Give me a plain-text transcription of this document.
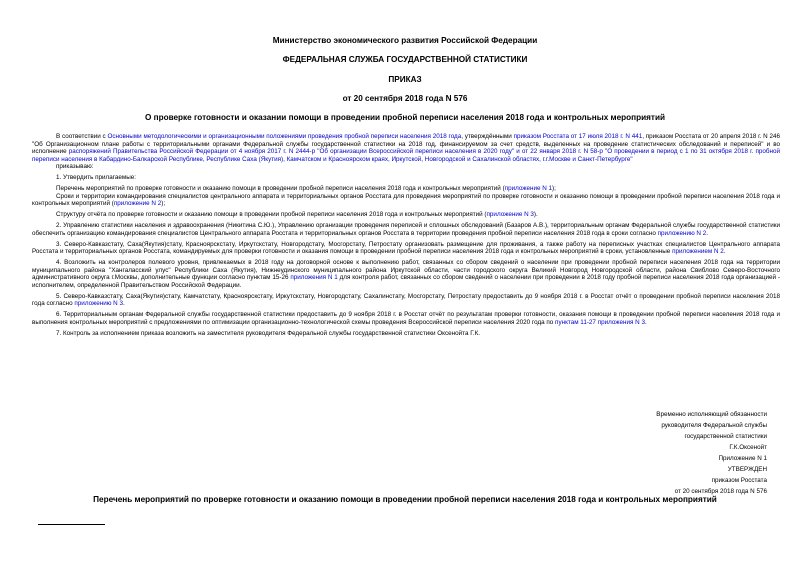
Министерство экономического развития Российской Федерации
ФЕДЕРАЛЬНАЯ СЛУЖБА ГОСУДАРСТВЕННОЙ СТАТИСТИКИ
ПРИКАЗ
от 20 сентября 2018 года N 576
О проверке готовности и оказании помощи в проведении пробной переписи населения 2018 года и контрольных мероприятий

В соответствии с Основными методологическими и организационными положениями проведения пробной переписи населения 2018 года, утверждёнными приказом Росстата от 17 июля 2018 г. N 441, приказом Росстата от 20 апреля 2018 г. N 246 "Об Организационном плане работы с территориальными органами Федеральной службы государственной статистики на 2018 год, финансируемом за счет средств, выделенных на проведение статистических обследований и переписей" и во исполнение распоряжений Правительства Российской Федерации от 4 ноября 2017 г. N 2444-р "Об организации Всероссийской переписи населения в 2020 году" и от 22 января 2018 г. N 58-р "О проведении в период с 1 по 31 октября 2018 г. пробной переписи населения в Кабардино-Балкарской Республике, Республике Саха (Якутия), Камчатском и Красноярском краях, Иркутской, Новгородской и Сахалинской областях, г.г.Москве и Санкт-Петербурге"

приказываю:

1. Утвердить прилагаемые:

Перечень мероприятий по проверке готовности и оказанию помощи в проведении пробной переписи населения 2018 года и контрольных мероприятий (приложение N 1);

Сроки и территории командирования специалистов центрального аппарата и территориальных органов Росстата для проведения мероприятий по проверке готовности и оказанию помощи в проведении пробной переписи населения 2018 года и контрольных мероприятий (приложение N 2);

Структуру отчёта по проверке готовности и оказанию помощи в проведении пробной переписи населения 2018 года и контрольных мероприятий (приложение N 3).

2. Управлению статистики населения и здравоохранения (Никитина С.Ю.), Управлению организации проведения переписей и сплошных обследований (Базаров А.В.), территориальным органам Федеральной службы государственной статистики обеспечить организацию командирования специалистов Центрального аппарата Росстата и территориальных органов Росстата в территории проведения пробной переписи населения 2018 года в сроки согласно приложению N 2.

3. Северо-Кавказстату, Саха(Якутия)стату, Красноярскстату, Иркутскстату, Новгородстату, Мосгорстату, Петростату организовать размещение для проживания, а также работу на переписных участках специалистов Центрального аппарата Росстата и территориальных органов Росстата, командируемых для проверки готовности и оказания помощи в проведении пробной переписи населения 2018 года и контрольных мероприятий в сроки, установленные приложением N 2.

4. Возложить на контролеров полевого уровня, привлекаемых в 2018 году на договорной основе к выполнению работ, связанных со сбором сведений о населении при проведении пробной переписи населения 2018 года на территории муниципального района "Хангаласский улус" Республики Саха (Якутия), Нижнеудинского муниципального района Иркутской области, части городского округа Великий Новгород Новгородской области, района Свиблово Северо-Восточного административного округа г.Москвы, дополнительные функции согласно пунктам 15-26 приложения N 1 для контроля работ, связанных со сбором сведений о населении при проведении в 2018 году пробной переписи населения 2018 года организацией - исполнителем, определенной Правительством Российской Федерации.

5. Северо-Кавказстату, Саха(Якутия)стату, Камчатстату, Красноярскстату, Иркутскстату, Новгородстату, Сахалинстату, Мосгорстату, Петростату предоставить до 9 ноября 2018 г. в Росстат отчёт о проведении пробной переписи населения 2018 года согласно приложению N 3.

6. Территориальным органам Федеральной службы государственной статистики предоставить до 9 ноября 2018 г. в Росстат отчёт по результатам проверки готовности, оказания помощи в проведении пробной переписи населения 2018 года и выполнения контрольных мероприятий с предложениями по оптимизации организационно-технологической схемы проведения Всероссийской переписи населения 2020 года по пунктам 11-27 приложения N 3.

7. Контроль за исполнением приказа возложить на заместителя руководителя Федеральной службы государственной статистики Оксенойта Г.К.

Временно исполняющий обязанности
руководителя Федеральной службы
государственной статистики
Г.К.Оксенойт
Приложение N 1
УТВЕРЖДЕН
приказом Росстата
от 20 сентября 2018 года N 576
Перечень мероприятий по проверке готовности и оказанию помощи в проведении пробной переписи населения 2018 года и контрольных мероприятий
